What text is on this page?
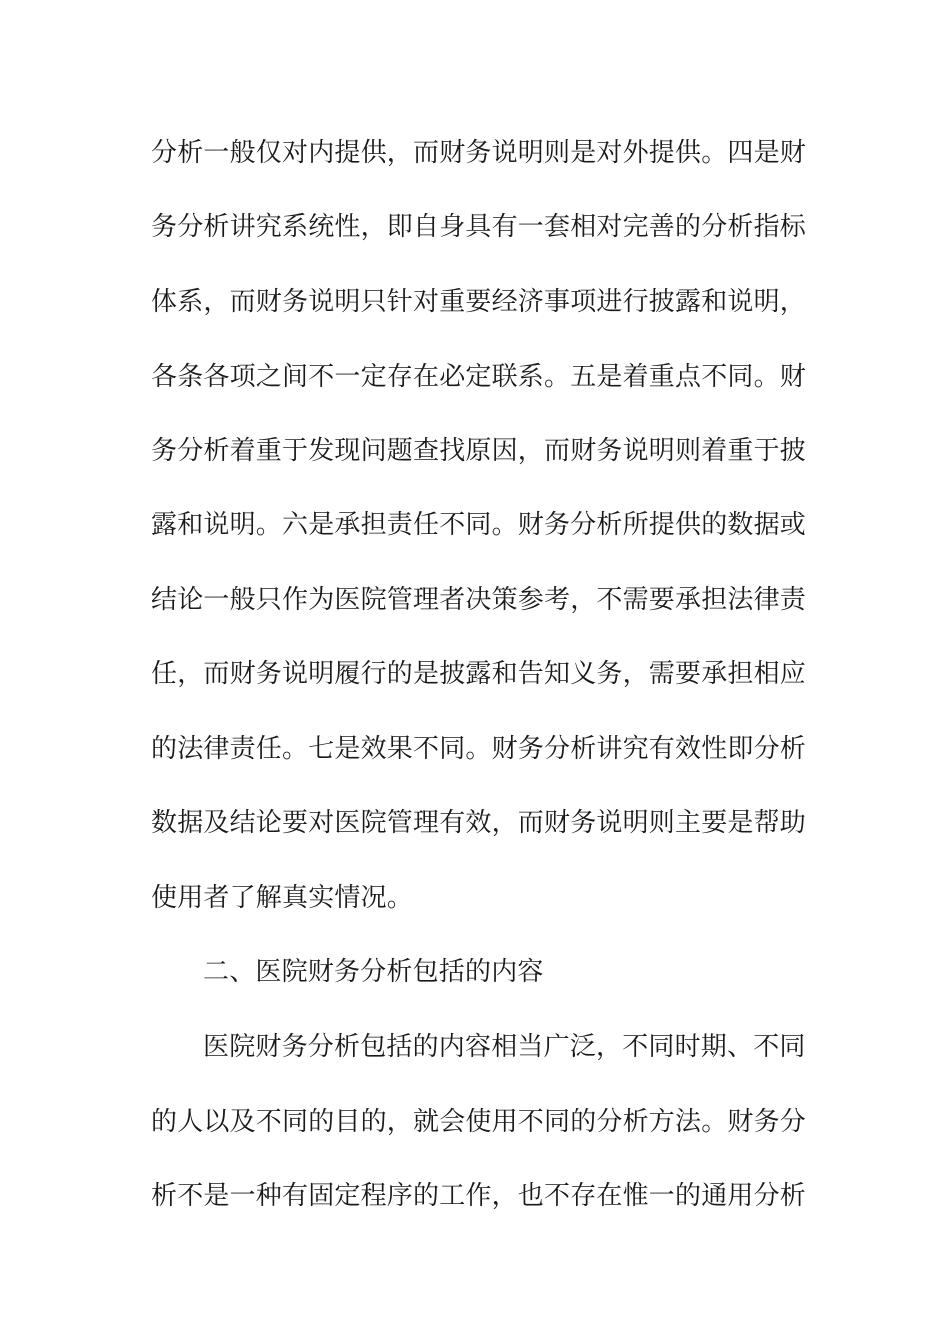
分析一般仅对内提供，而财务说明则是对外提供。四是财
务分析讲究系统性，即自身具有一套相对完善的分析指标
体系，而财务说明只针对重要经济事项进行披露和说明，
各条各项之间不一定存在必定联系。五是着重点不同。财
务分析着重于发现问题查找原因，而财务说明则着重于披
露和说明。六是承担责任不同。财务分析所提供的数据或
结论一般只作为医院管理者决策参考，不需要承担法律责
任，而财务说明履行的是披露和告知义务，需要承担相应
的法律责任。七是效果不同。财务分析讲究有效性即分析
数据及结论要对医院管理有效，而财务说明则主要是帮助
使用者了解真实情况。
二、医院财务分析包括的内容
医院财务分析包括的内容相当广泛，不同时期、不同
的人以及不同的目的，就会使用不同的分析方法。财务分
析不是一种有固定程序的工作，也不存在惟一的通用分析
